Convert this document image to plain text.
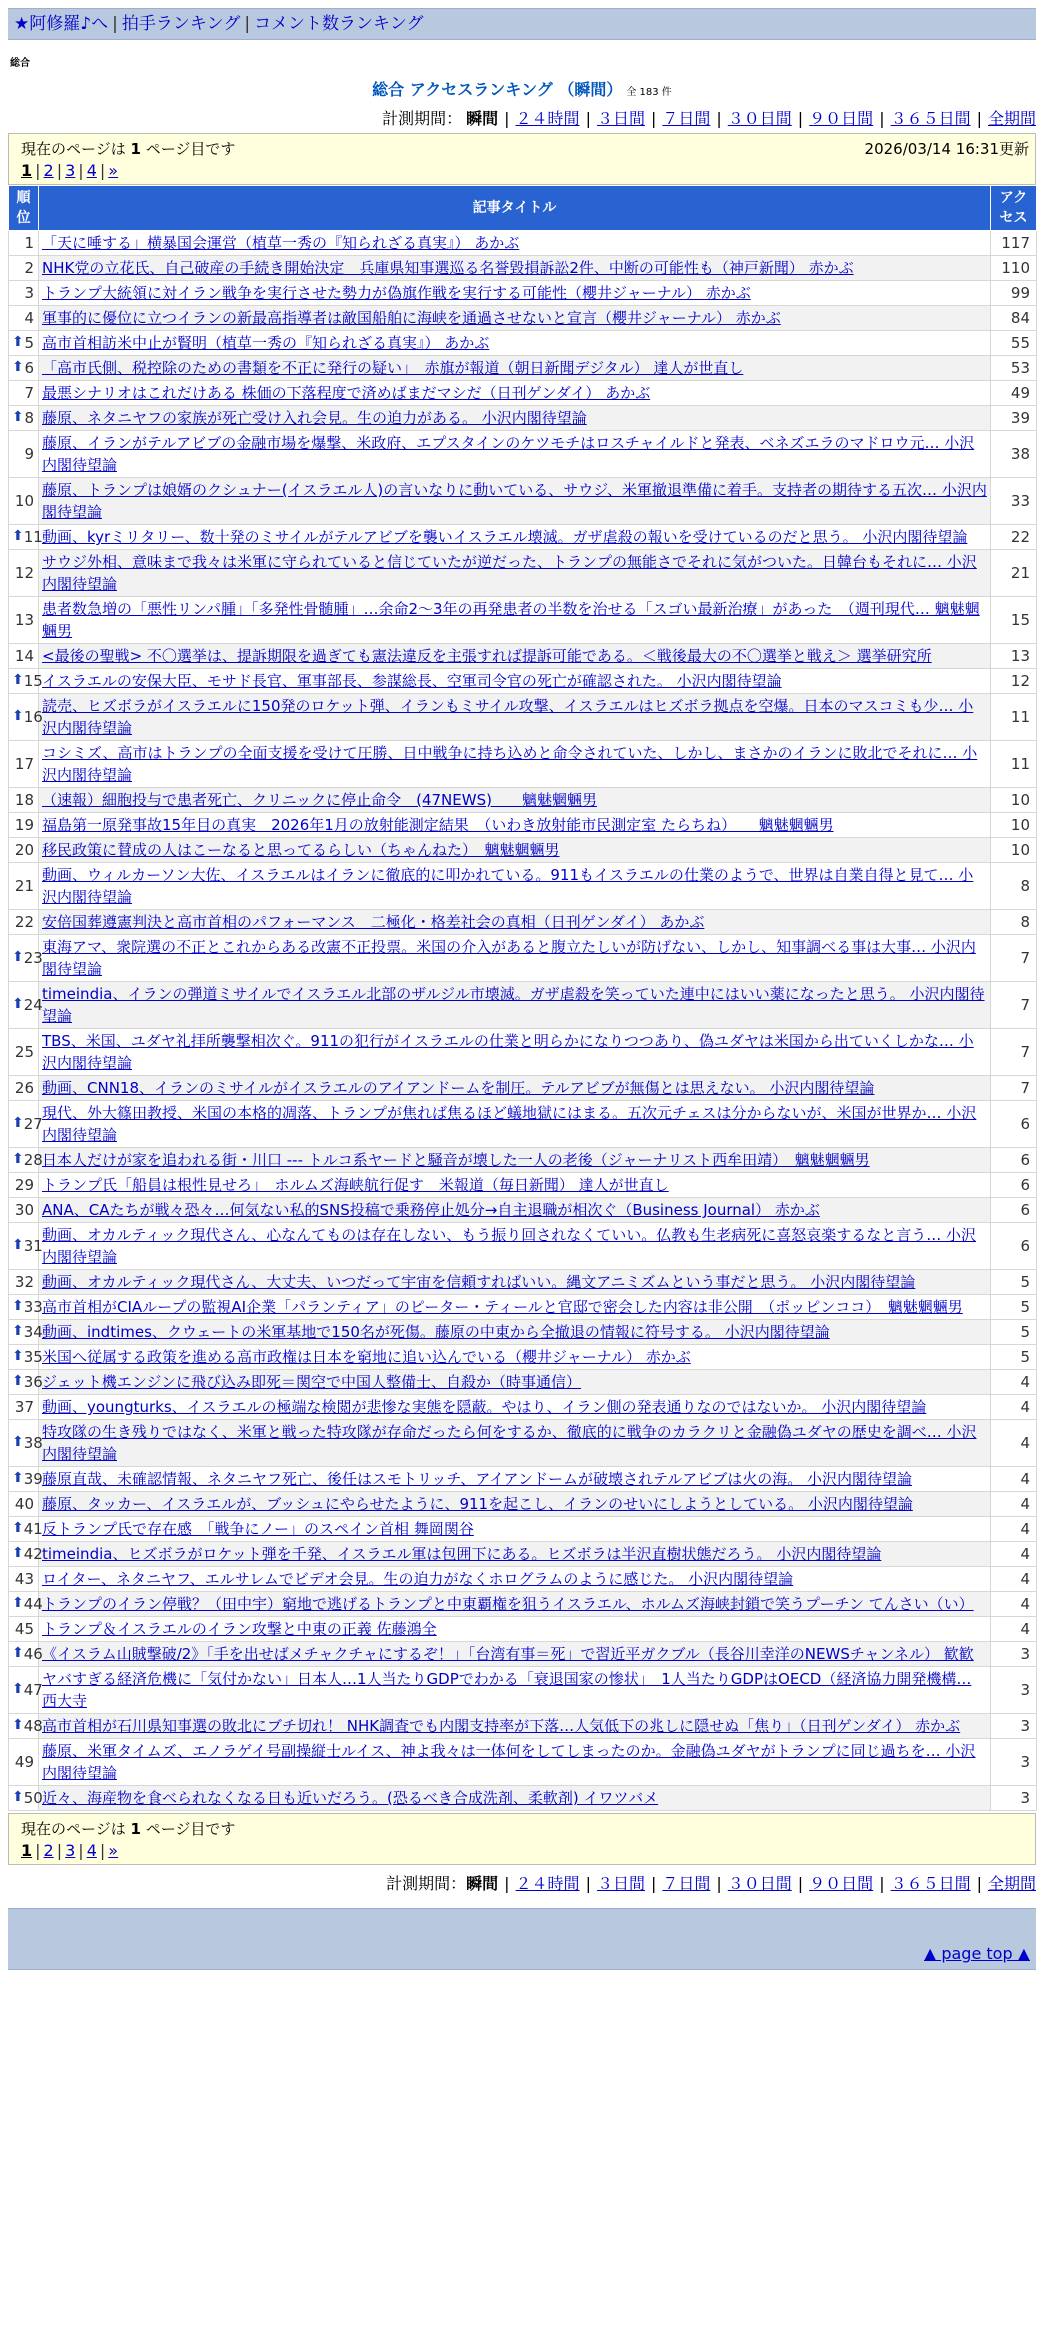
★阿修羅♪へ | 拍手ランキング | コメント数ランキング
総合
総合 アクセスランキング （瞬間） 全 183 件
計測期間： 瞬間 | ２４時間 | ３日間 | ７日間 | ３０日間 | ９０日間 | ３６５日間 | 全期間
現在のページは 1 ページ目です	2026/03/14 16:31更新
1 | 2 | 3 | 4 | »
順位	記事タイトル	アクセス
1	「天に唾する」横暴国会運営（植草一秀の『知られざる真実』） あかぶ	117
2	NHK党の立花氏、自己破産の手続き開始決定　兵庫県知事選巡る名誉毀損訴訟2件、中断の可能性も（神戸新聞） 赤かぶ	110
3	トランプ大統領に対イラン戦争を実行させた勢力が偽旗作戦を実行する可能性（櫻井ジャーナル） 赤かぶ	99
4	軍事的に優位に立つイランの新最高指導者は敵国船舶に海峡を通過させないと宣言（櫻井ジャーナル） 赤かぶ	84

⬆ 5	高市首相訪米中止が賢明（植草一秀の『知られざる真実』） あかぶ	55

⬆ 6	「高市氏側、税控除のための書類を不正に発行の疑い」　赤旗が報道（朝日新聞デジタル） 達人が世直し	53
7	最悪シナリオはこれだけある 株価の下落程度で済めばまだマシだ（日刊ゲンダイ） あかぶ	49

⬆ 8	藤原、ネタニヤフの家族が死亡受け入れ会見。生の迫力がある。 小沢内閣待望論	39
9	藤原、イランがテルアビブの金融市場を爆撃、米政府、エプスタインのケツモチはロスチャイルドと発表、ベネズエラのマドロウ元… 小沢内閣待望論	38
10	藤原、トランプは娘婿のクシュナー(イスラエル人)の言いなりに動いている、サウジ、米軍撤退準備に着手。支持者の期待する五次… 小沢内閣待望論	33

⬆ 11	動画、kyrミリタリー、数十発のミサイルがテルアビブを襲いイスラエル壊滅。ガザ虐殺の報いを受けているのだと思う。 小沢内閣待望論	22
12	サウジ外相、意味まで我々は米軍に守られていると信じていたが逆だった、トランプの無能さでそれに気がついた。日韓台もそれに… 小沢内閣待望論	21
13	患者数急増の「悪性リンパ腫」「多発性骨髄腫」…余命2～3年の再発患者の半数を治せる「スゴい最新治療」があった　（週刊現代… 魑魅魍魎男	15
14	<最後の聖戦> 不〇選挙は、提訴期限を過ぎても憲法違反を主張すれば提訴可能である。＜戦後最大の不〇選挙と戦え＞ 選挙研究所	13

⬆ 15	イスラエルの安保大臣、モサド長官、軍事部長、参謀総長、空軍司令官の死亡が確認された。 小沢内閣待望論	12

⬆ 16	読売、ヒズボラがイスラエルに150発のロケット弾、イランもミサイル攻撃、イスラエルはヒズボラ拠点を空爆。日本のマスコミも少… 小沢内閣待望論	11
17	コシミズ、高市はトランプの全面支援を受けて圧勝、日中戦争に持ち込めと命令されていた、しかし、まさかのイランに敗北でそれに… 小沢内閣待望論	11
18	（速報）細胞投与で患者死亡、クリニックに停止命令　(47NEWS)　　魑魅魍魎男	10
19	福島第一原発事故15年目の真実　2026年1月の放射能測定結果　（いわき放射能市民測定室 たらちね）　　魑魅魍魎男	10
20	移民政策に賛成の人はこーなると思ってるらしい（ちゃんねた）　魑魅魍魎男	10
21	動画、ウィルカーソン大佐、イスラエルはイランに徹底的に叩かれている。911もイスラエルの仕業のようで、世界は自業自得と見て… 小沢内閣待望論	8
22	安倍国葬遵憲判決と高市首相のパフォーマンス　二極化・格差社会の真相（日刊ゲンダイ） あかぶ	8

⬆ 23	東海アマ、衆院選の不正とこれからある改憲不正投票。米国の介入があると腹立たしいが防げない、しかし、知事調べる事は大事… 小沢内閣待望論	7

⬆ 24	timeindia、イランの弾道ミサイルでイスラエル北部のザルジル市壊滅。ガザ虐殺を笑っていた連中にはいい薬になったと思う。 小沢内閣待望論	7
25	TBS、米国、ユダヤ礼拝所襲撃相次ぐ。911の犯行がイスラエルの仕業と明らかになりつつあり、偽ユダヤは米国から出ていくしかな… 小沢内閣待望論	7
26	動画、CNN18、イランのミサイルがイスラエルのアイアンドームを制圧。テルアビブが無傷とは思えない。 小沢内閣待望論	7

⬆ 27	現代、外大篠田教授、米国の本格的凋落、トランプが焦れば焦るほど蟻地獄にはまる。五次元チェスは分からないが、米国が世界か… 小沢内閣待望論	6

⬆ 28	日本人だけが家を追われる街・川口 --- トルコ系ヤードと騒音が壊した一人の老後（ジャーナリスト西牟田靖）　魑魅魍魎男	6
29	トランプ氏「船員は根性見せろ」　ホルムズ海峡航行促す　米報道（毎日新聞） 達人が世直し	6
30	ANA、CAたちが戦々恐々…何気ない私的SNS投稿で乗務停止処分→自主退職が相次ぐ（Business Journal） 赤かぶ	6

⬆ 31	動画、オカルティック現代さん、心なんてものは存在しない、もう振り回されなくていい。仏教も生老病死に喜怒哀楽するなと言う… 小沢内閣待望論	6
32	動画、オカルティック現代さん、大丈夫、いつだって宇宙を信頼すればいい。縄文アニミズムという事だと思う。 小沢内閣待望論	5

⬆ 33	高市首相がCIAループの監視AI企業「パランティア」のピーター・ティールと官邸で密会した内容は非公開　（ポッピンココ）　魑魅魍魎男	5

⬆ 34	動画、indtimes、クウェートの米軍基地で150名が死傷。藤原の中東から全撤退の情報に符号する。 小沢内閣待望論	5

⬆ 35	米国へ従属する政策を進める高市政権は日本を窮地に追い込んでいる（櫻井ジャーナル） 赤かぶ	5

⬆ 36	ジェット機エンジンに飛び込み即死＝関空で中国人整備士、自殺か（時事通信）	4
37	動画、youngturks、イスラエルの極端な検閲が悲惨な実態を隠蔽。やはり、イラン側の発表通りなのではないか。 小沢内閣待望論	4

⬆ 38	特攻隊の生き残りではなく、米軍と戦った特攻隊が存命だったら何をするか、徹底的に戦争のカラクリと金融偽ユダヤの歴史を調べ… 小沢内閣待望論	4

⬆ 39	藤原直哉、未確認情報、ネタニヤフ死亡、後任はスモトリッチ、アイアンドームが破壊されテルアビブは火の海。 小沢内閣待望論	4
40	藤原、タッカー、イスラエルが、ブッシュにやらせたように、911を起こし、イランのせいにしようとしている。 小沢内閣待望論	4

⬆ 41	反トランプ氏で存在感　「戦争にノー」のスペイン首相 舞岡関谷	4

⬆ 42	timeindia、ヒズボラがロケット弾を千発、イスラエル軍は包囲下にある。ヒズボラは半沢直樹状態だろう。 小沢内閣待望論	4
43	ロイター、ネタニヤフ、エルサレムでビデオ会見。生の迫力がなくホログラムのように感じた。 小沢内閣待望論	4

⬆ 44	トランプのイラン停戦？（田中宇）窮地で逃げるトランプと中東覇権を狙うイスラエル、ホルムズ海峡封鎖で笑うプーチン てんさい（い）	4
45	トランプ＆イスラエルのイラン攻撃と中東の正義 佐藤鴻全	4

⬆ 46	《イスラム山賊撃破/2》「手を出せばメチャクチャにするぞ！」「台湾有事＝死」で習近平ガクブル（長谷川幸洋のNEWSチャンネル） 歓歓	3

⬆ 47	ヤバすぎる経済危機に「気付かない」日本人…1人当たりGDPでわかる「衰退国家の惨状」　1人当たりGDPはOECD（経済協力開発機構… 西大寺	3

⬆ 48	高市首相が石川県知事選の敗北にブチ切れ！ NHK調査でも内閣支持率が下落…人気低下の兆しに隠せぬ「焦り」（日刊ゲンダイ） 赤かぶ	3
49	藤原、米軍タイムズ、エノラゲイ号副操縦士ルイス、神よ我々は一体何をしてしまったのか。金融偽ユダヤがトランプに同じ過ちを… 小沢内閣待望論	3

⬆ 50	近々、海産物を食べられなくなる日も近いだろう。(恐るべき合成洗剤、柔軟剤) イワツバメ	3
現在のページは 1 ページ目です
1 | 2 | 3 | 4 | »
計測期間：瞬間 | ２４時間 | ３日間 | ７日間 | ３０日間 | ９０日間 | ３６５日間 | 全期間
▲ page top ▲
